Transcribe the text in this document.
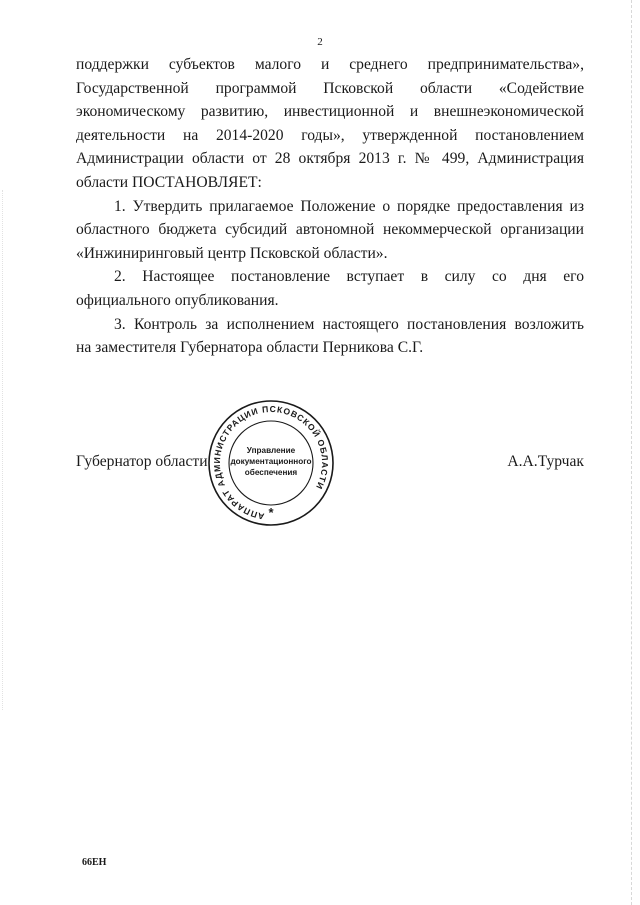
2
поддержки субъектов малого и среднего предпринимательства»,
Государственной программой Псковской области «Содействие
экономическому развитию, инвестиционной и внешнеэкономической
деятельности на 2014-2020 годы», утвержденной постановлением
Администрации области от 28 октября 2013 г. № 499, Администрация
области ПОСТАНОВЛЯЕТ:
1. Утвердить прилагаемое Положение о порядке предоставления из
областного бюджета субсидий автономной некоммерческой организации
«Инжиниринговый центр Псковской области».
2. Настоящее постановление вступает в силу со дня его
официального опубликования.
3. Контроль за исполнением настоящего постановления возложить
на заместителя Губернатора области Перникова С.Г.
Губернатор области	А.А.Турчак
АППАРАТ АДМИНИСТРАЦИИ ПСКОВСКОЙ ОБЛАСТИ
Управление
документационного
обеспечения
*
66ЕН
